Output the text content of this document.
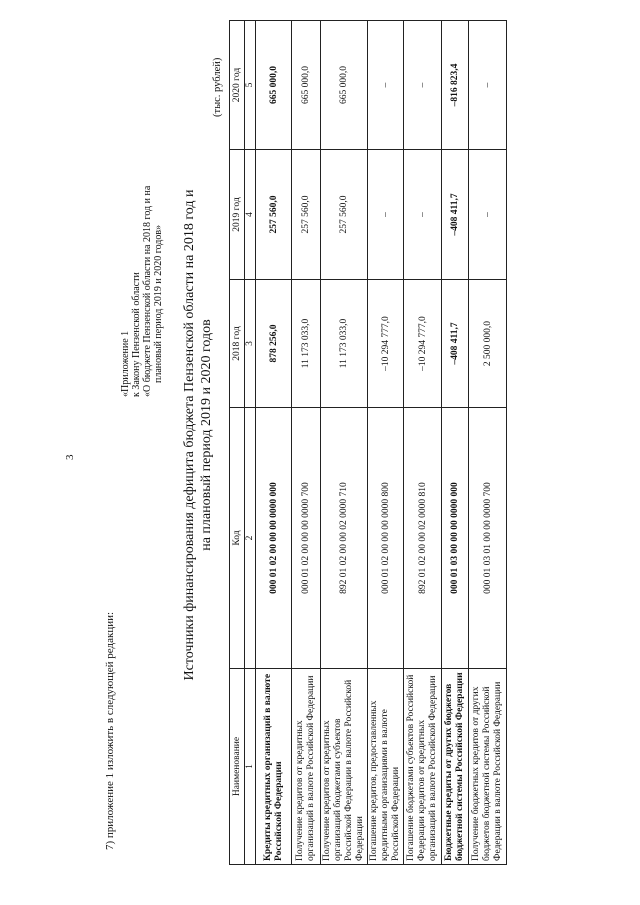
3
7) приложение 1 изложить в следующей редакции:
«Приложение 1 к Закону Пензенской области «О бюджете Пензенской области на 2018 год и на плановый период 2019 и 2020 годов» Источники финансирования дефицита бюджета Пензенской области на 2018 год и на плановый период 2019 и 2020 годов
(тыс. рублей)
Наименование	Код	2018 год	2019 год	2020 год
1	2	3	4	5
Кредиты кредитных организаций в валюте Российской Федерации	000 01 02 00 00 00 0000 000	878 256,0	257 560,0	665 000,0
Получение кредитов от кредитных организаций в валюте Российской Федерации	000 01 02 00 00 00 0000 700	11 173 033,0	257 560,0	665 000,0
Получение кредитов от кредитных организаций бюджетами субъектов Российской Федерации в валюте Российской Федерации	892 01 02 00 00 02 0000 710	11 173 033,0	257 560,0	665 000,0
Погашение кредитов, предоставленных кредитными организациями в валюте Российской Федерации	000 01 02 00 00 00 0000 800	–10 294 777,0	–	–
Погашение бюджетами субъектов Российской Федерации кредитов от кредитных организаций в валюте Российской Федерации	892 01 02 00 00 02 0000 810	–10 294 777,0	–	–
Бюджетные кредиты от других бюджетов бюджетной системы Российской Федерации	000 01 03 00 00 00 0000 000	–408 411,7	–408 411,7	–816 823,4
Получение бюджетных кредитов от других бюджетов бюджетной системы Российской Федерации в валюте Российской Федерации	000 01 03 01 00 00 0000 700	2 500 000,0	–	–
